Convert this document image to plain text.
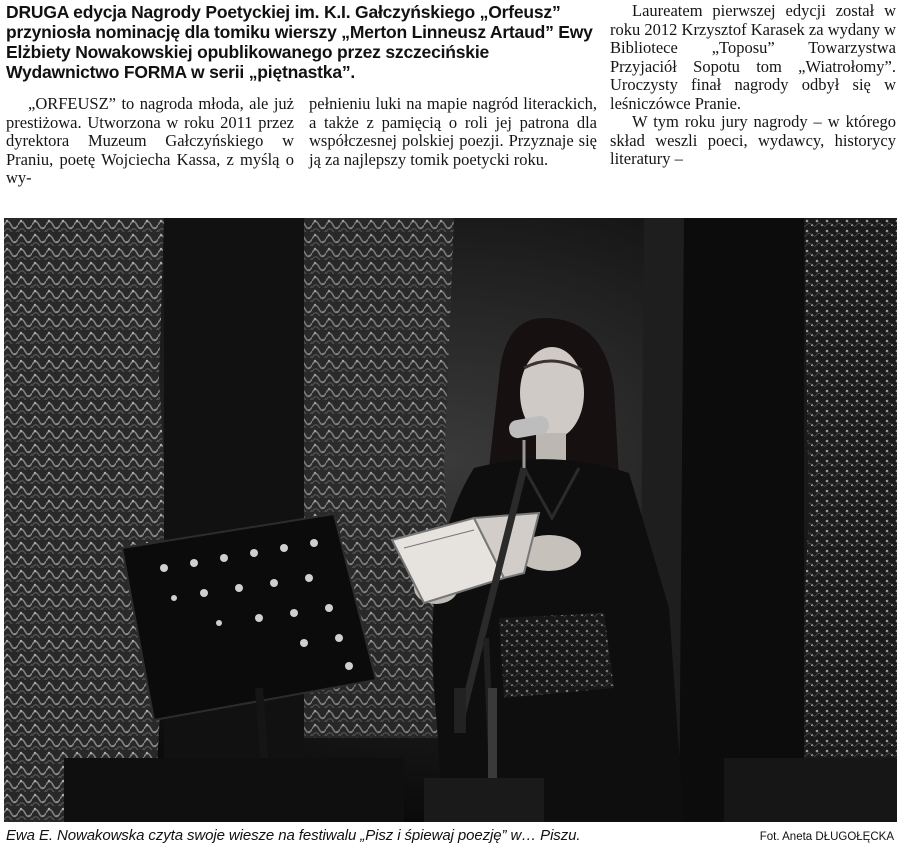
DRUGA edycja Nagrody Poetyckiej im. K.I. Gałczyńskiego „Orfeusz” przyniosła nominację dla tomiku wierszy „Merton Linneusz Artaud” Ewy Elżbiety Nowakowskiej opublikowanego przez szczecińskie Wydawnictwo FORMA w serii „piętnastka”.

„ORFEUSZ” to nagroda młoda, ale już prestiżowa. Utworzona w roku 2011 przez dyrektora Muzeum Gałczyńskiego w Praniu, poetę Wojciecha Kassa, z myślą o wy-

pełnieniu luki na mapie nagród literackich, a także z pamięcią o roli jej patrona dla współczesnej polskiej poezji. Przyznaje się ją za najlepszy tomik poetycki roku.

Laureatem pierwszej edycji został w roku 2012 Krzysztof Karasek za wydany w Bibliotece „Toposu” Towarzystwa Przyjaciół Sopotu tom „Wiatrołomy”. Uroczysty finał nagrody odbył się w leśniczówce Pranie.

W tym roku jury nagrody – w którego skład weszli poeci, wydawcy, historycy literatury –

Ewa E. Nowakowska czyta swoje wiesze na festiwalu „Pisz i śpiewaj poezję” w… Piszu.	Fot. Aneta DŁUGOŁĘCKA
